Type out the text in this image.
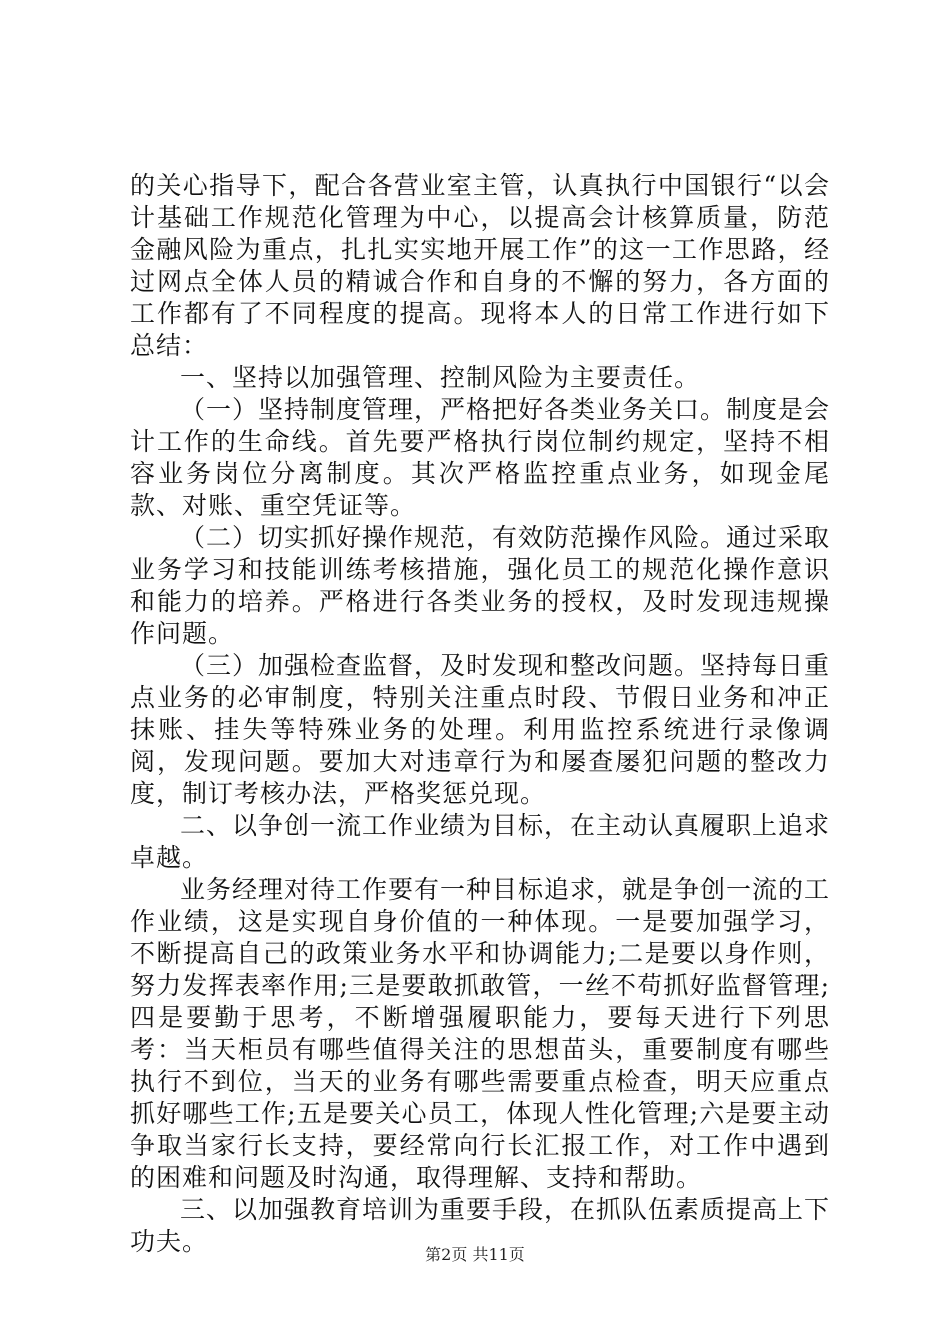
的关心指导下，配合各营业室主管，认真执行中国银行“以会计基础工作规范化管理为中心，以提高会计核算质量，防范金融风险为重点，扎扎实实地开展工作”的这一工作思路，经过网点全体人员的精诚合作和自身的不懈的努力，各方面的工作都有了不同程度的提高。现将本人的日常工作进行如下总结：

一、坚持以加强管理、控制风险为主要责任。

（一）坚持制度管理，严格把好各类业务关口。制度是会计工作的生命线。首先要严格执行岗位制约规定，坚持不相容业务岗位分离制度。其次严格监控重点业务，如现金尾款、对账、重空凭证等。

（二）切实抓好操作规范，有效防范操作风险。通过采取业务学习和技能训练考核措施，强化员工的规范化操作意识和能力的培养。严格进行各类业务的授权，及时发现违规操作问题。

（三）加强检查监督，及时发现和整改问题。坚持每日重点业务的必审制度，特别关注重点时段、节假日业务和冲正抹账、挂失等特殊业务的处理。利用监控系统进行录像调阅，发现问题。要加大对违章行为和屡查屡犯问题的整改力度，制订考核办法，严格奖惩兑现。

二、以争创一流工作业绩为目标，在主动认真履职上追求卓越。

业务经理对待工作要有一种目标追求，就是争创一流的工作业绩，这是实现自身价值的一种体现。一是要加强学习，不断提高自己的政策业务水平和协调能力;二是要以身作则，努力发挥表率作用;三是要敢抓敢管，一丝不苟抓好监督管理;四是要勤于思考，不断增强履职能力，要每天进行下列思考：当天柜员有哪些值得关注的思想苗头，重要制度有哪些执行不到位，当天的业务有哪些需要重点检查，明天应重点抓好哪些工作;五是要关心员工，体现人性化管理;六是要主动争取当家行长支持，要经常向行长汇报工作，对工作中遇到的困难和问题及时沟通，取得理解、支持和帮助。

三、以加强教育培训为重要手段，在抓队伍素质提高上下功夫。	第2页 共11页
